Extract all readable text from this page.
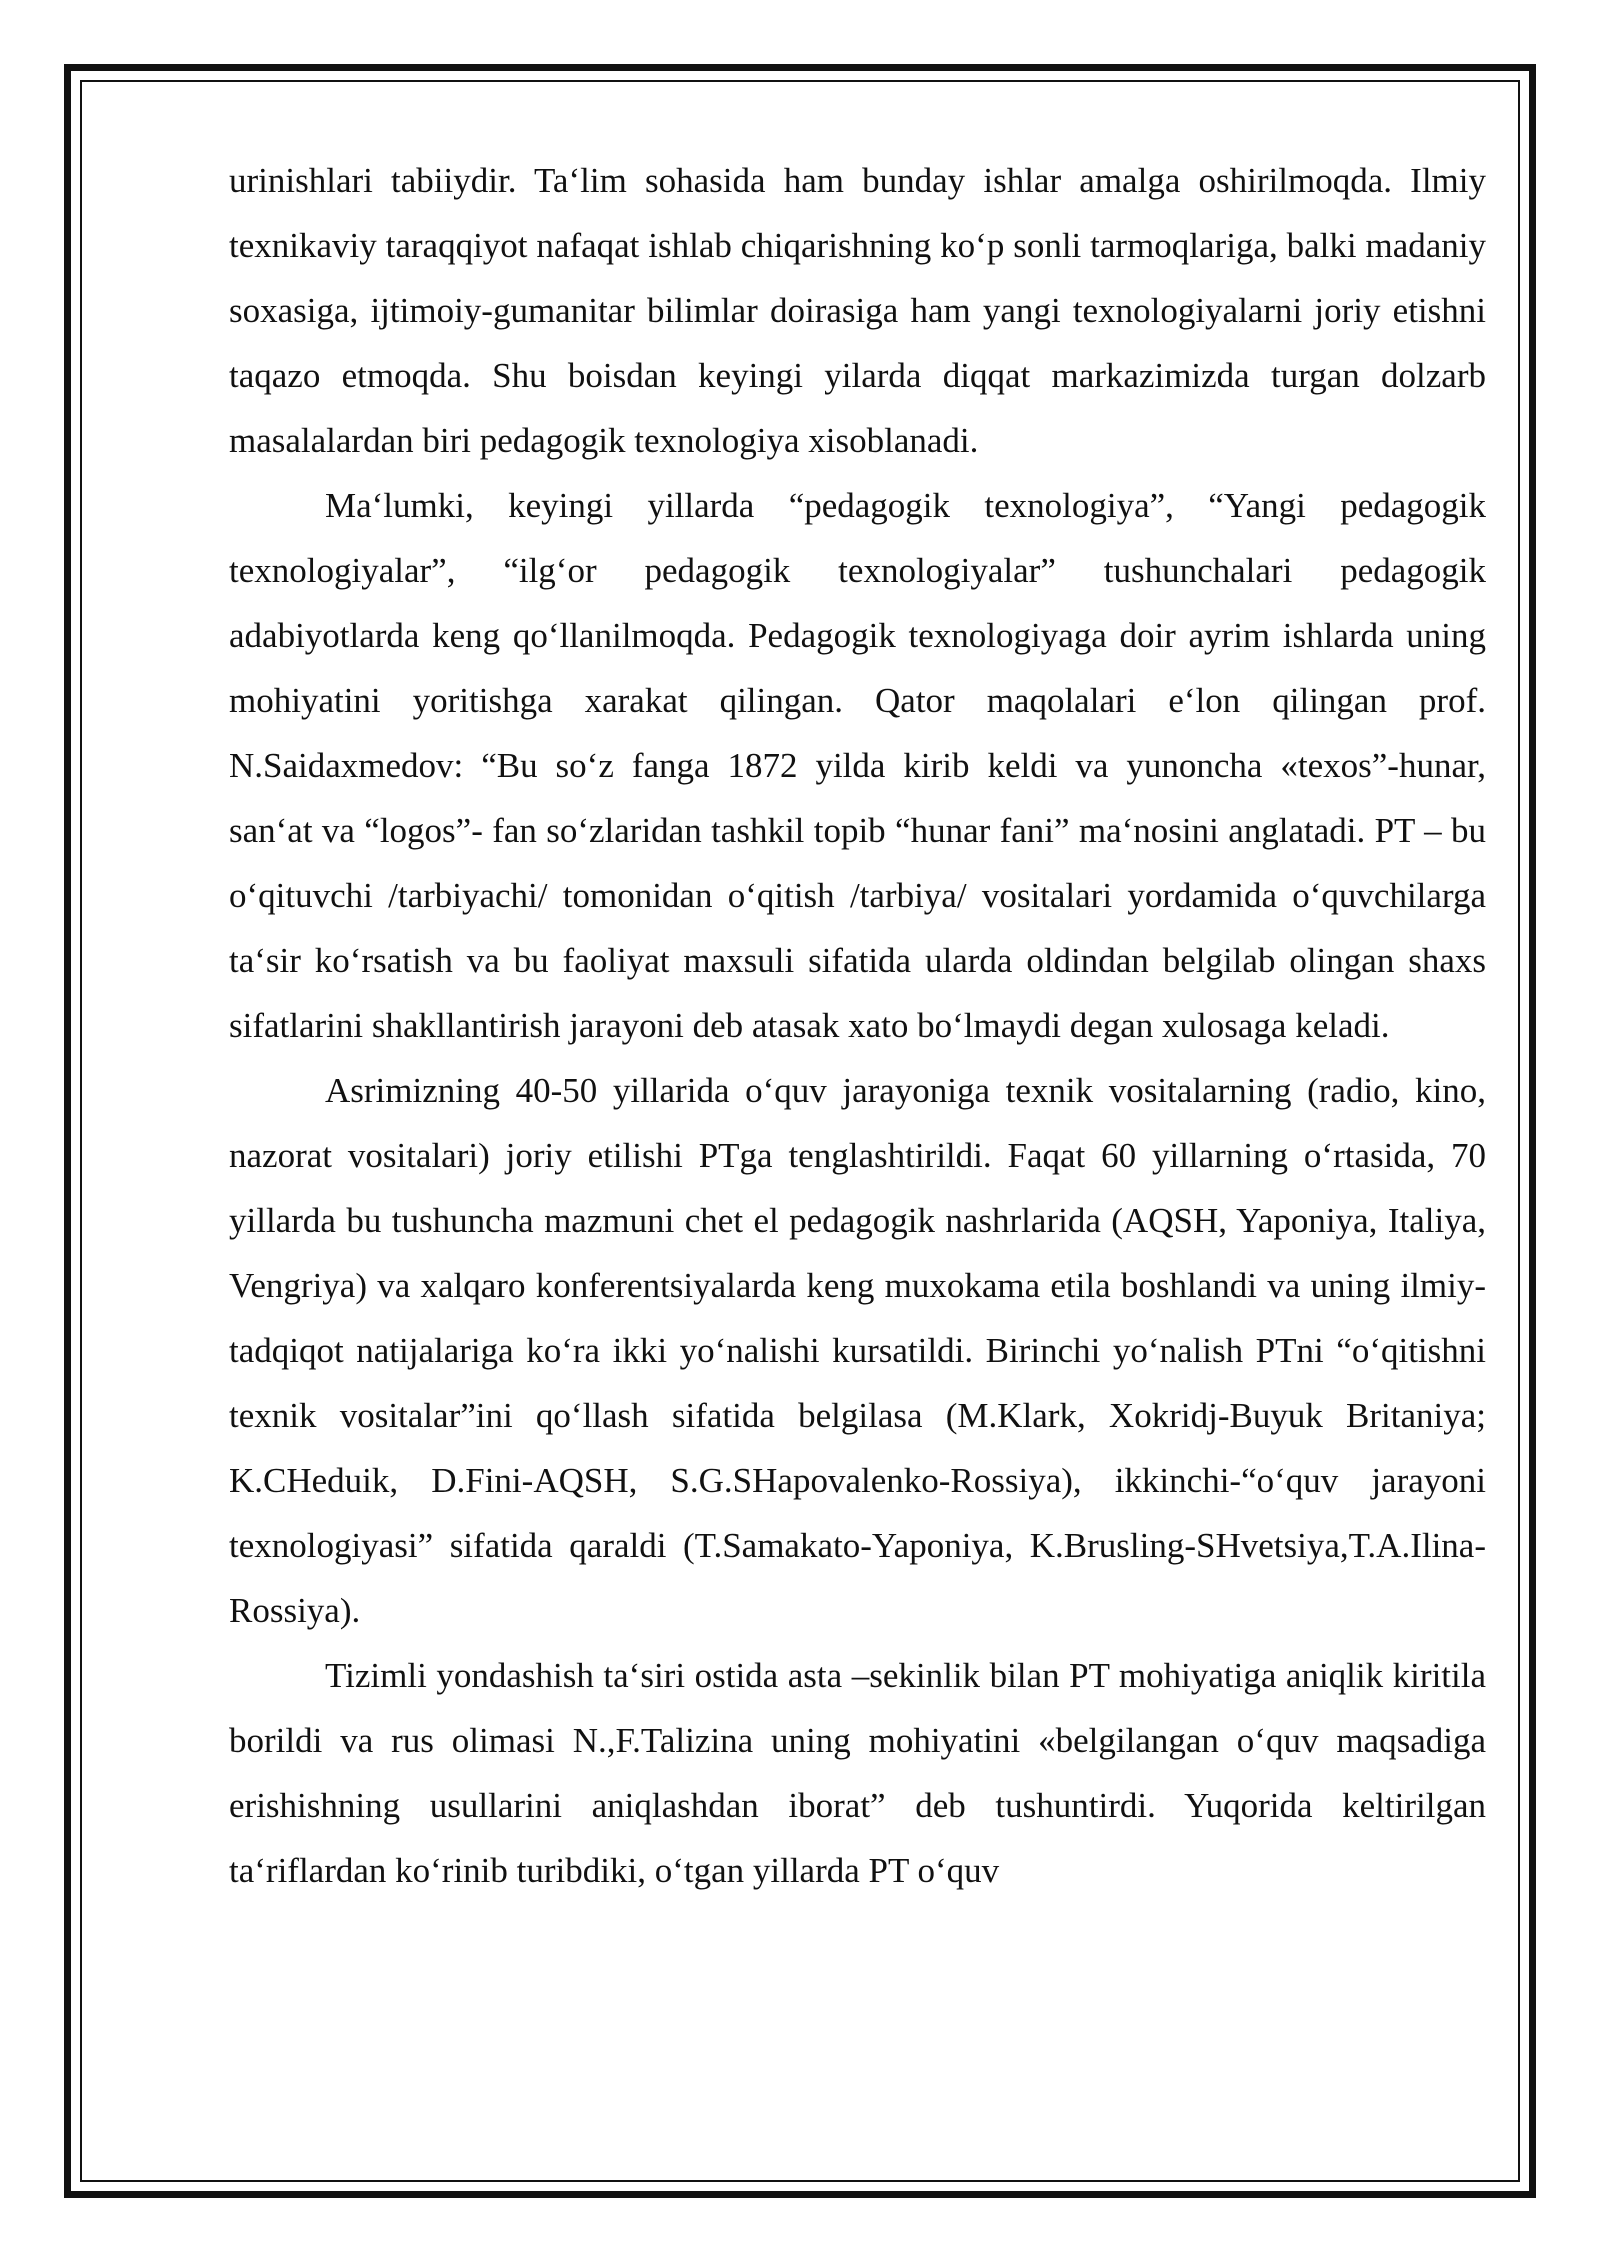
urinishlari tabiiydir. Ta‘lim sohasida ham bunday ishlar amalga oshirilmoqda. Ilmiy texnikaviy taraqqiyot nafaqat ishlab chiqarishning ko‘p sonli tarmoqlariga, balki madaniy soxasiga, ijtimoiy-gumanitar bilimlar doirasiga ham yangi texnologiyalarni joriy etishni taqazo etmoqda. Shu boisdan keyingi yilarda diqqat markazimizda turgan dolzarb masalalardan biri pedagogik texnologiya xisoblanadi.

Ma‘lumki, keyingi yillarda “pedagogik texnologiya”, “Yangi pedagogik texnologiyalar”, “ilg‘or pedagogik texnologiyalar” tushunchalari pedagogik adabiyotlarda keng qo‘llanilmoqda. Pedagogik texnologiyaga doir ayrim ishlarda uning mohiyatini yoritishga xarakat qilingan. Qator maqolalari e‘lon qilingan prof. N.Saidaxmedov: “Bu so‘z fanga 1872 yilda kirib keldi va yunoncha «texos”-hunar, san‘at va “logos”- fan so‘zlaridan tashkil topib “hunar fani” ma‘nosini anglatadi. PT – bu o‘qituvchi /tarbiyachi/ tomonidan o‘qitish /tarbiya/ vositalari yordamida o‘quvchilarga ta‘sir ko‘rsatish va bu faoliyat maxsuli sifatida ularda oldindan belgilab olingan shaxs sifatlarini shakllantirish jarayoni deb atasak xato bo‘lmaydi degan xulosaga keladi.

Asrimizning 40-50 yillarida o‘quv jarayoniga texnik vositalarning (radio, kino, nazorat vositalari) joriy etilishi PTga tenglashtirildi. Faqat 60 yillarning o‘rtasida, 70 yillarda bu tushuncha mazmuni chet el pedagogik nashrlarida (AQSH, Yaponiya, Italiya, Vengriya) va xalqaro konferentsiyalarda keng muxokama etila boshlandi va uning ilmiy- tadqiqot natijalariga ko‘ra ikki yo‘nalishi kursatildi. Birinchi yo‘nalish PTni “o‘qitishni texnik vositalar”ini qo‘llash sifatida belgilasa (M.Klark, Xokridj-Buyuk Britaniya; K.CHeduik, D.Fini-AQSH, S.G.SHapovalenko-Rossiya), ikkinchi-“o‘quv jarayoni texnologiyasi” sifatida qaraldi (T.Samakato-Yaponiya, K.Brusling-SHvetsiya,T.A.Ilina-Rossiya).

Tizimli yondashish ta‘siri ostida asta –sekinlik bilan PT mohiyatiga aniqlik kiritila borildi va rus olimasi N.,F.Talizina uning mohiyatini «belgilangan o‘quv maqsadiga erishishning usullarini aniqlashdan iborat” deb tushuntirdi. Yuqorida keltirilgan ta‘riflardan ko‘rinib turibdiki, o‘tgan yillarda PT o‘quv
